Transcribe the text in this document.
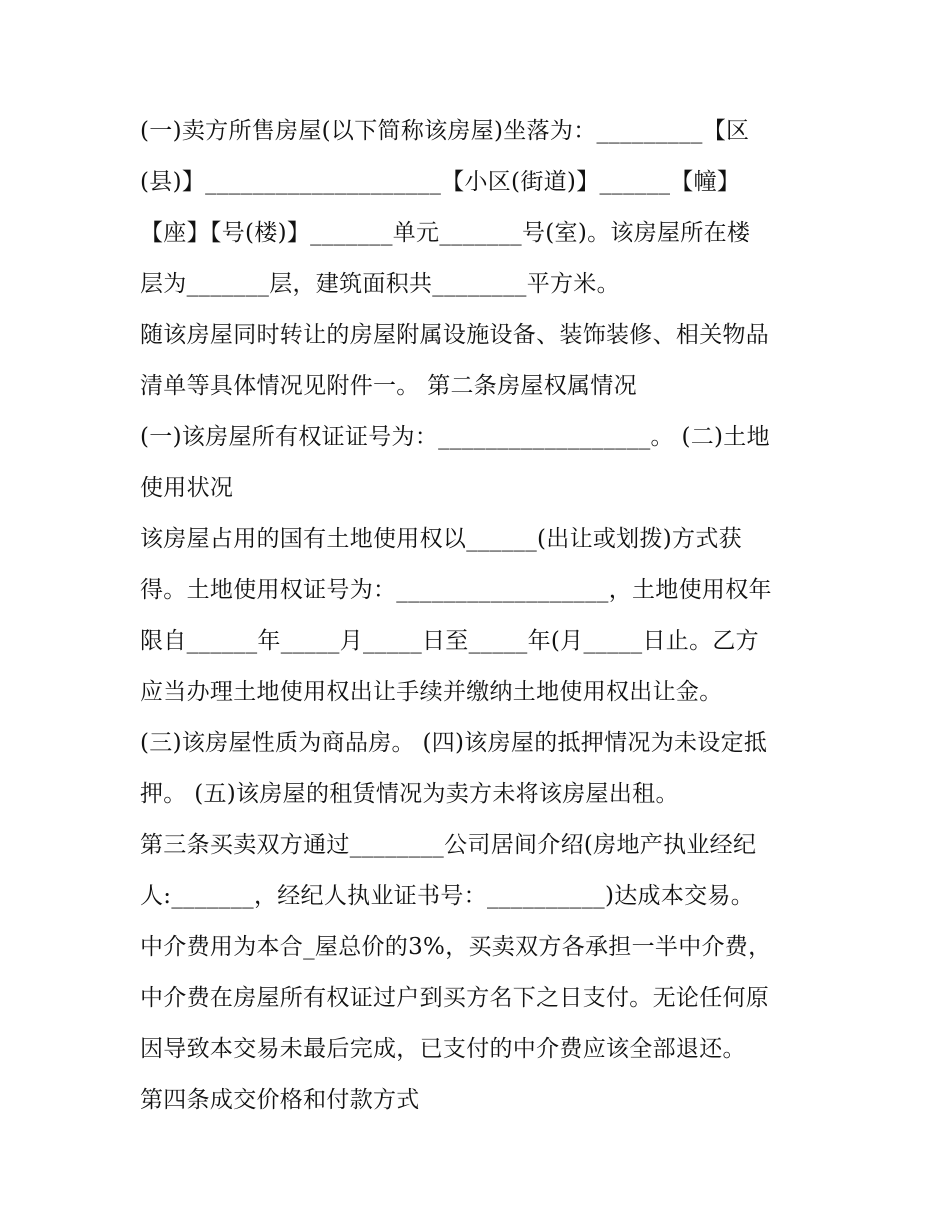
(一)卖方所售房屋(以下简称该房屋)坐落为：_________【区
(县)】____________________【小区(街道)】______【幢】
【座】【号(楼)】_______单元_______号(室)。该房屋所在楼
层为_______层，建筑面积共________平方米。
随该房屋同时转让的房屋附属设施设备、装饰装修、相关物品
清单等具体情况见附件一。 第二条房屋权属情况
(一)该房屋所有权证证号为：__________________。 (二)土地
使用状况
该房屋占用的国有土地使用权以______(出让或划拨)方式获
得。土地使用权证号为：__________________，土地使用权年
限自______年_____月_____日至_____年(月_____日止。乙方
应当办理土地使用权出让手续并缴纳土地使用权出让金。
(三)该房屋性质为商品房。 (四)该房屋的抵押情况为未设定抵
押。 (五)该房屋的租赁情况为卖方未将该房屋出租。
第三条买卖双方通过________公司居间介绍(房地产执业经纪
人:_______，经纪人执业证书号：__________)达成本交易。
中介费用为本合_屋总价的3%，买卖双方各承担一半中介费，
中介费在房屋所有权证过户到买方名下之日支付。无论任何原
因导致本交易未最后完成，已支付的中介费应该全部退还。
第四条成交价格和付款方式
